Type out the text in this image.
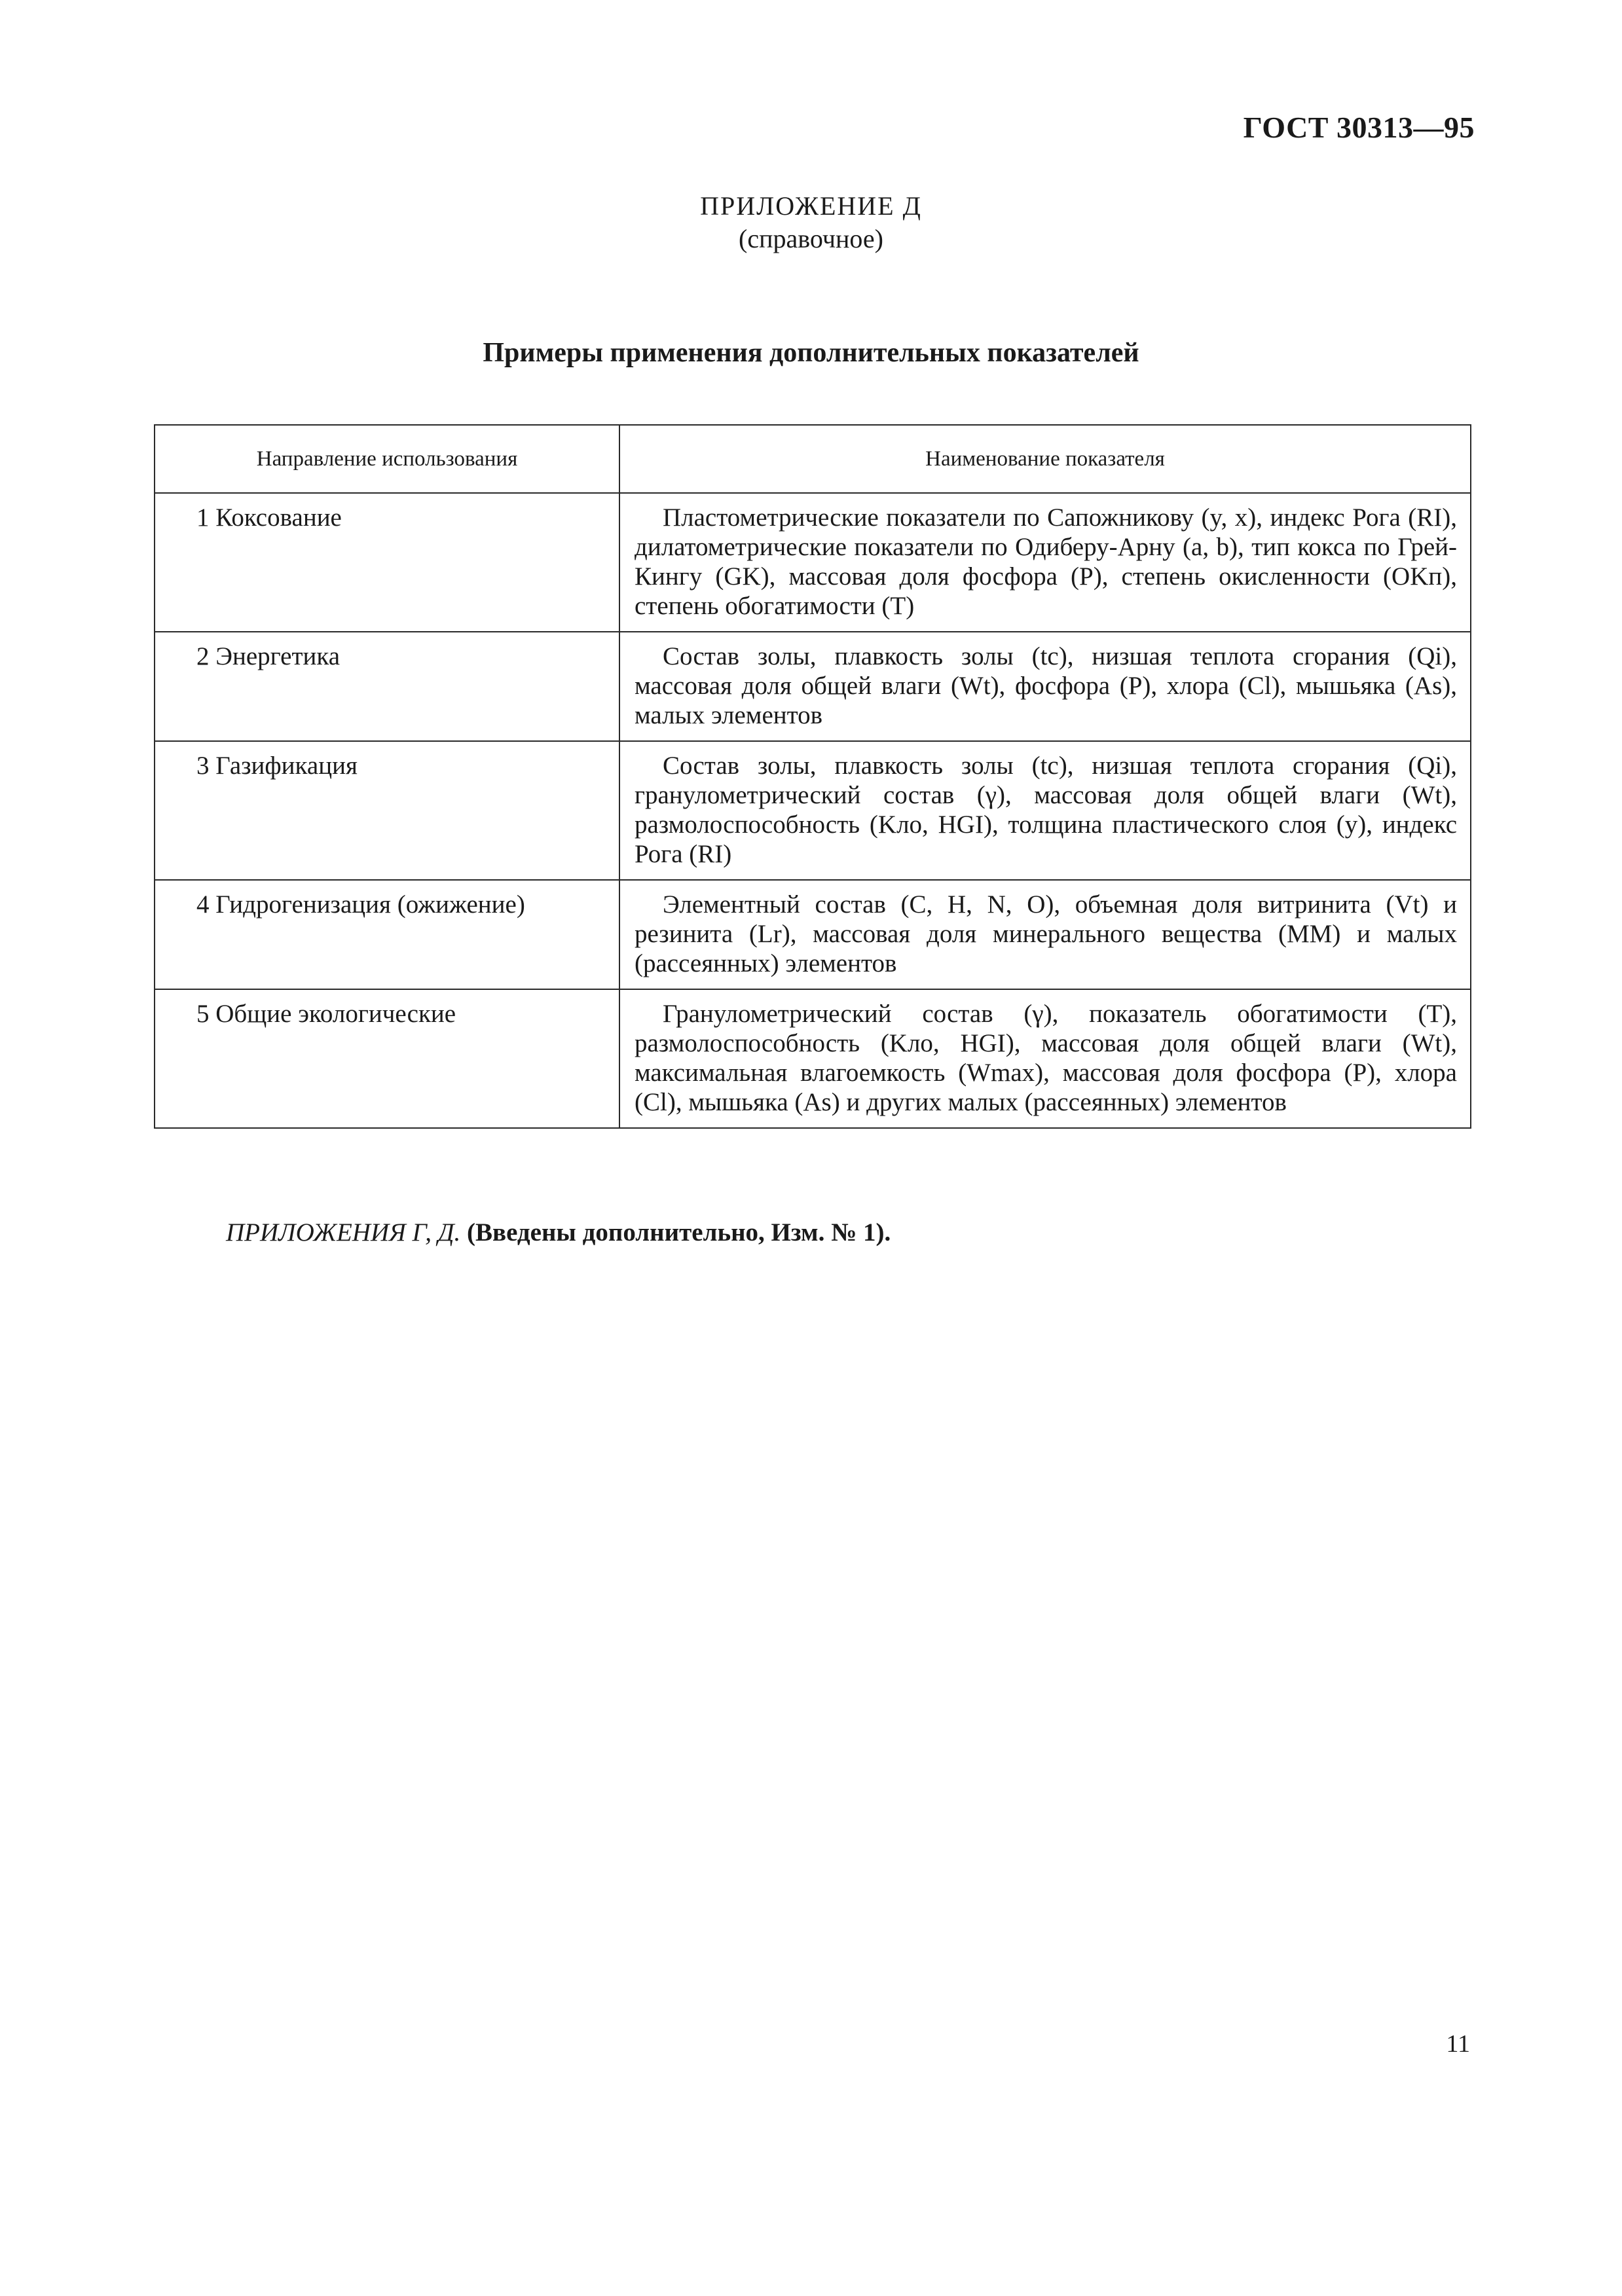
ГОСТ 30313—95
ПРИЛОЖЕНИЕ Д
(справочное)
Примеры применения дополнительных показателей
Направление использования	Наименование показателя
1 Коксование	Пластометрические показатели по Сапожникову (y, x), индекс Рога (RI), дилатометрические показатели по Одиберу-Арну (a, b), тип кокса по Грей-Кингу (GK), массовая доля фосфора (P), степень окисленности (OKп), степень обогатимости (T)
2 Энергетика	Состав золы, плавкость золы (tc), низшая теплота сгорания (Qi), массовая доля общей влаги (Wt), фосфора (P), хлора (Cl), мышьяка (As), малых элементов
3 Газификация	Состав золы, плавкость золы (tc), низшая теплота сгорания (Qi), гранулометрический состав (γ), массовая доля общей влаги (Wt), размолоспособность (Kло, HGI), толщина пластического слоя (y), индекс Рога (RI)
4 Гидрогенизация (ожижение)	Элементный состав (C, H, N, O), объемная доля витринита (Vt) и резинита (Lr), массовая доля минерального вещества (MM) и малых (рассеянных) элементов
5 Общие экологические	Гранулометрический состав (γ), показатель обогатимости (T), размолоспособность (Kло, HGI), массовая доля общей влаги (Wt), максимальная влагоемкость (Wmax), массовая доля фосфора (P), хлора (Cl), мышьяка (As) и других малых (рассеянных) элементов
ПРИЛОЖЕНИЯ Г, Д. (Введены дополнительно, Изм. № 1).
11
